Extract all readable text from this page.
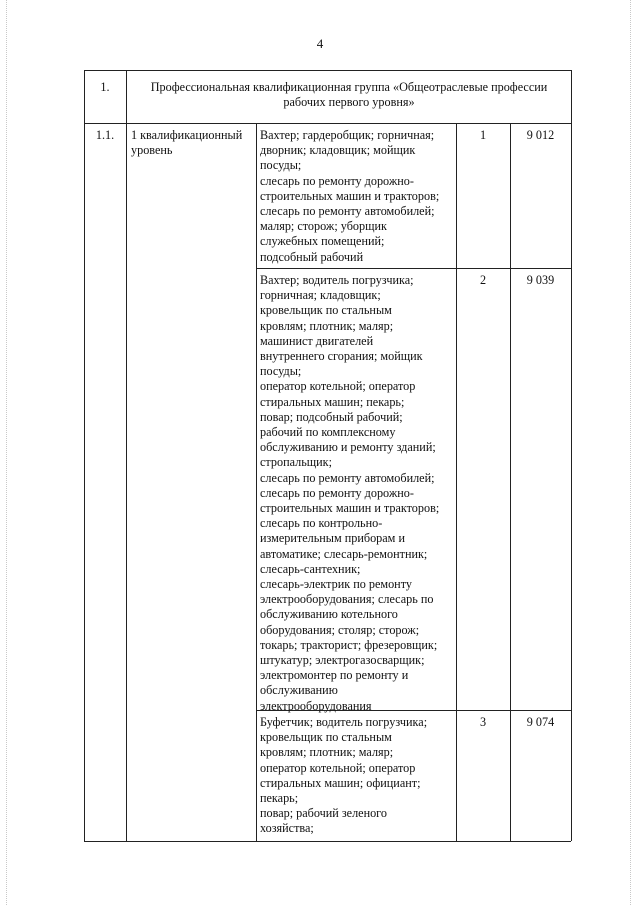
4
1.	Профессиональная квалификационная группа «Общеотраслевые профессии
рабочих первого уровня»
1.1.	1 квалификационный
уровень
Вахтер; гардеробщик; горничная;
дворник; кладовщик; мойщик
посуды;
слесарь по ремонту дорожно-
строительных машин и тракторов;
слесарь по ремонту автомобилей;
маляр; сторож; уборщик
служебных помещений;
подсобный рабочий
1	9 012
Вахтер; водитель погрузчика;
горничная; кладовщик;
кровельщик по стальным
кровлям; плотник; маляр;
машинист двигателей
внутреннего сгорания; мойщик
посуды;
оператор котельной; оператор
стиральных машин; пекарь;
повар; подсобный рабочий;
рабочий по комплексному
обслуживанию и ремонту зданий;
стропальщик;
слесарь по ремонту автомобилей;
слесарь по ремонту дорожно-
строительных машин и тракторов;
слесарь по контрольно-
измерительным приборам и
автоматике; слесарь-ремонтник;
слесарь-сантехник;
слесарь-электрик по ремонту
электрооборудования; слесарь по
обслуживанию котельного
оборудования; столяр; сторож;
токарь; тракторист; фрезеровщик;
штукатур; электрогазосварщик;
электромонтер по ремонту и
обслуживанию
электрооборудования
2	9 039
Буфетчик; водитель погрузчика;
кровельщик по стальным
кровлям; плотник; маляр;
оператор котельной; оператор
стиральных машин; официант;
пекарь;
повар; рабочий зеленого
хозяйства;
3	9 074
